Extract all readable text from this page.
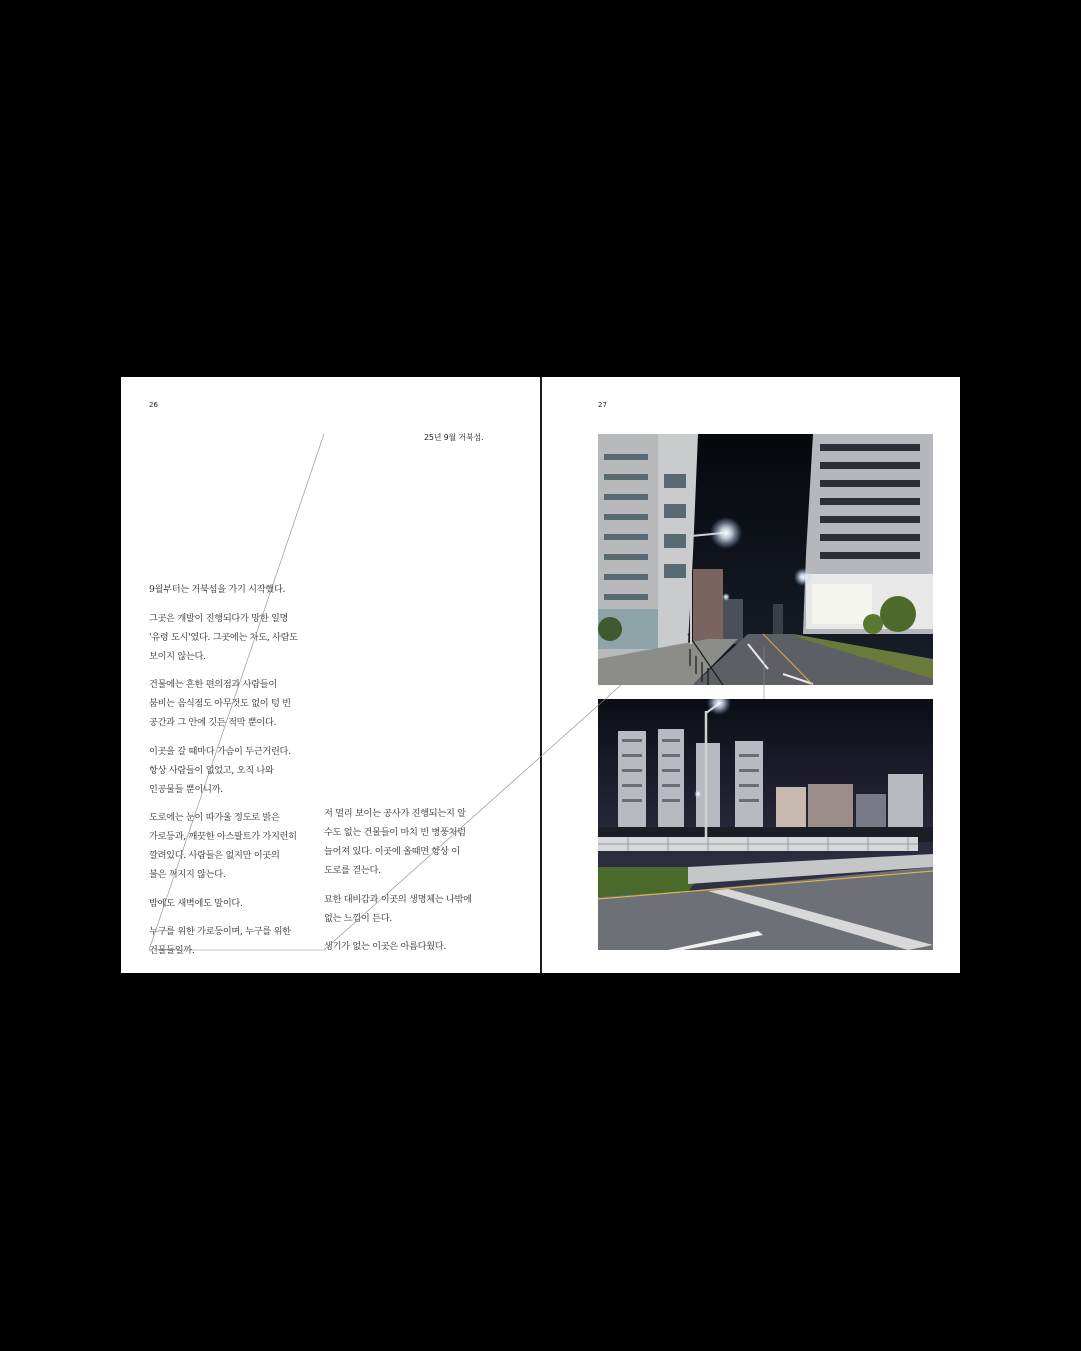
26
25년 9월 거북섬.

9월부터는 거북섬을 가기 시작했다.

그곳은 개발이 진행되다가 망한 일명
'유령 도시'였다. 그곳에는 차도, 사람도
보이지 않는다.

건물에는 흔한 편의점과 사람들이
붐비는 음식점도 아무것도 없이 텅 빈
공간과 그 안에 깃든 적막 뿐이다.

이곳을 갈 때마다 가슴이 두근거린다.
항상 사람들이 없었고, 오직 나와
인공물들 뿐이니까.

도로에는 눈이 따가울 정도로 밝은
가로등과, 깨끗한 아스팔트가 가지런히
깔려있다. 사람들은 없지만 이곳의
불은 꺼지지 않는다.

밤에도 새벽에도 말이다.

누구를 위한 가로등이며, 누구를 위한
건물들일까.

저 멀리 보이는 공사가 진행되는지 알
수도 없는 건물들이 마치 빈 병풍처럼
늘어져 있다. 이곳에 올때면 항상 이
도로를 걷는다.

묘한 대비감과 이곳의 생명체는 나밖에
없는 느낌이 든다.

생기가 없는 이곳은 아름다웠다.

27
